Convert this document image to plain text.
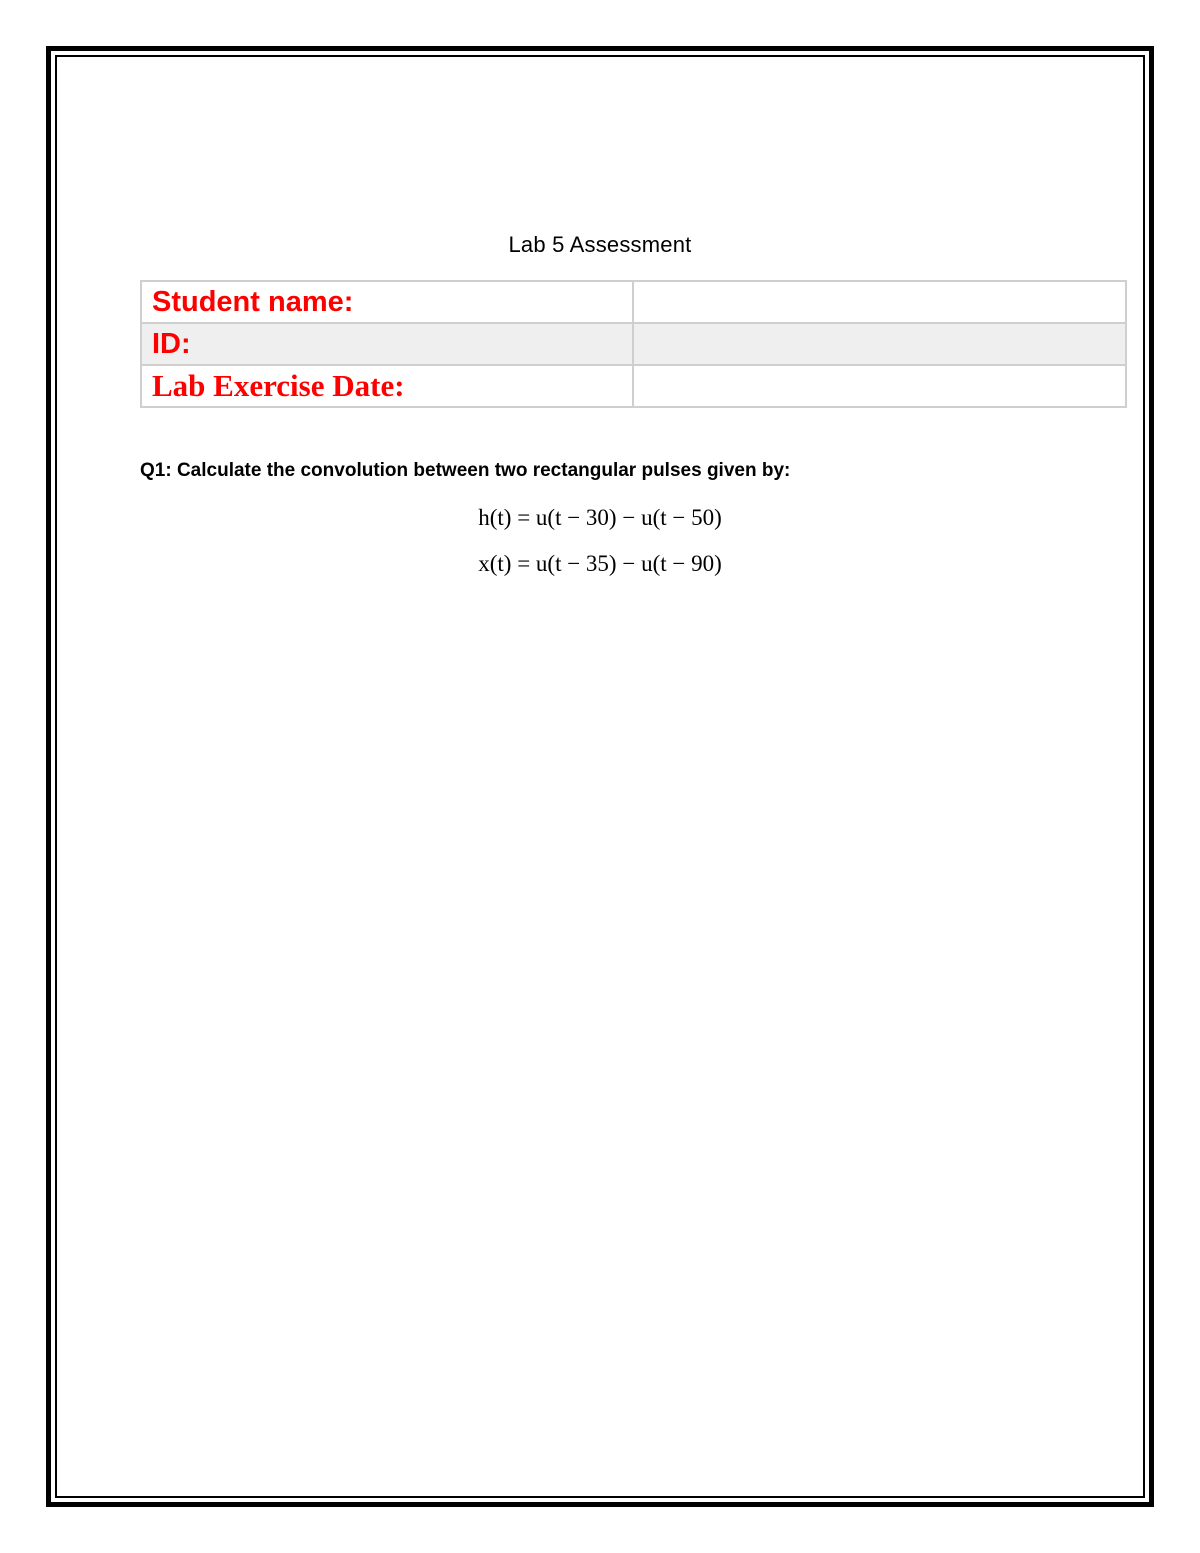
Lab 5 Assessment
Student name:	
ID:	
Lab Exercise Date:	
Q1: Calculate the convolution between two rectangular pulses given by:
h(t) = u(t − 30) − u(t − 50)
x(t) = u(t − 35) − u(t − 90)
